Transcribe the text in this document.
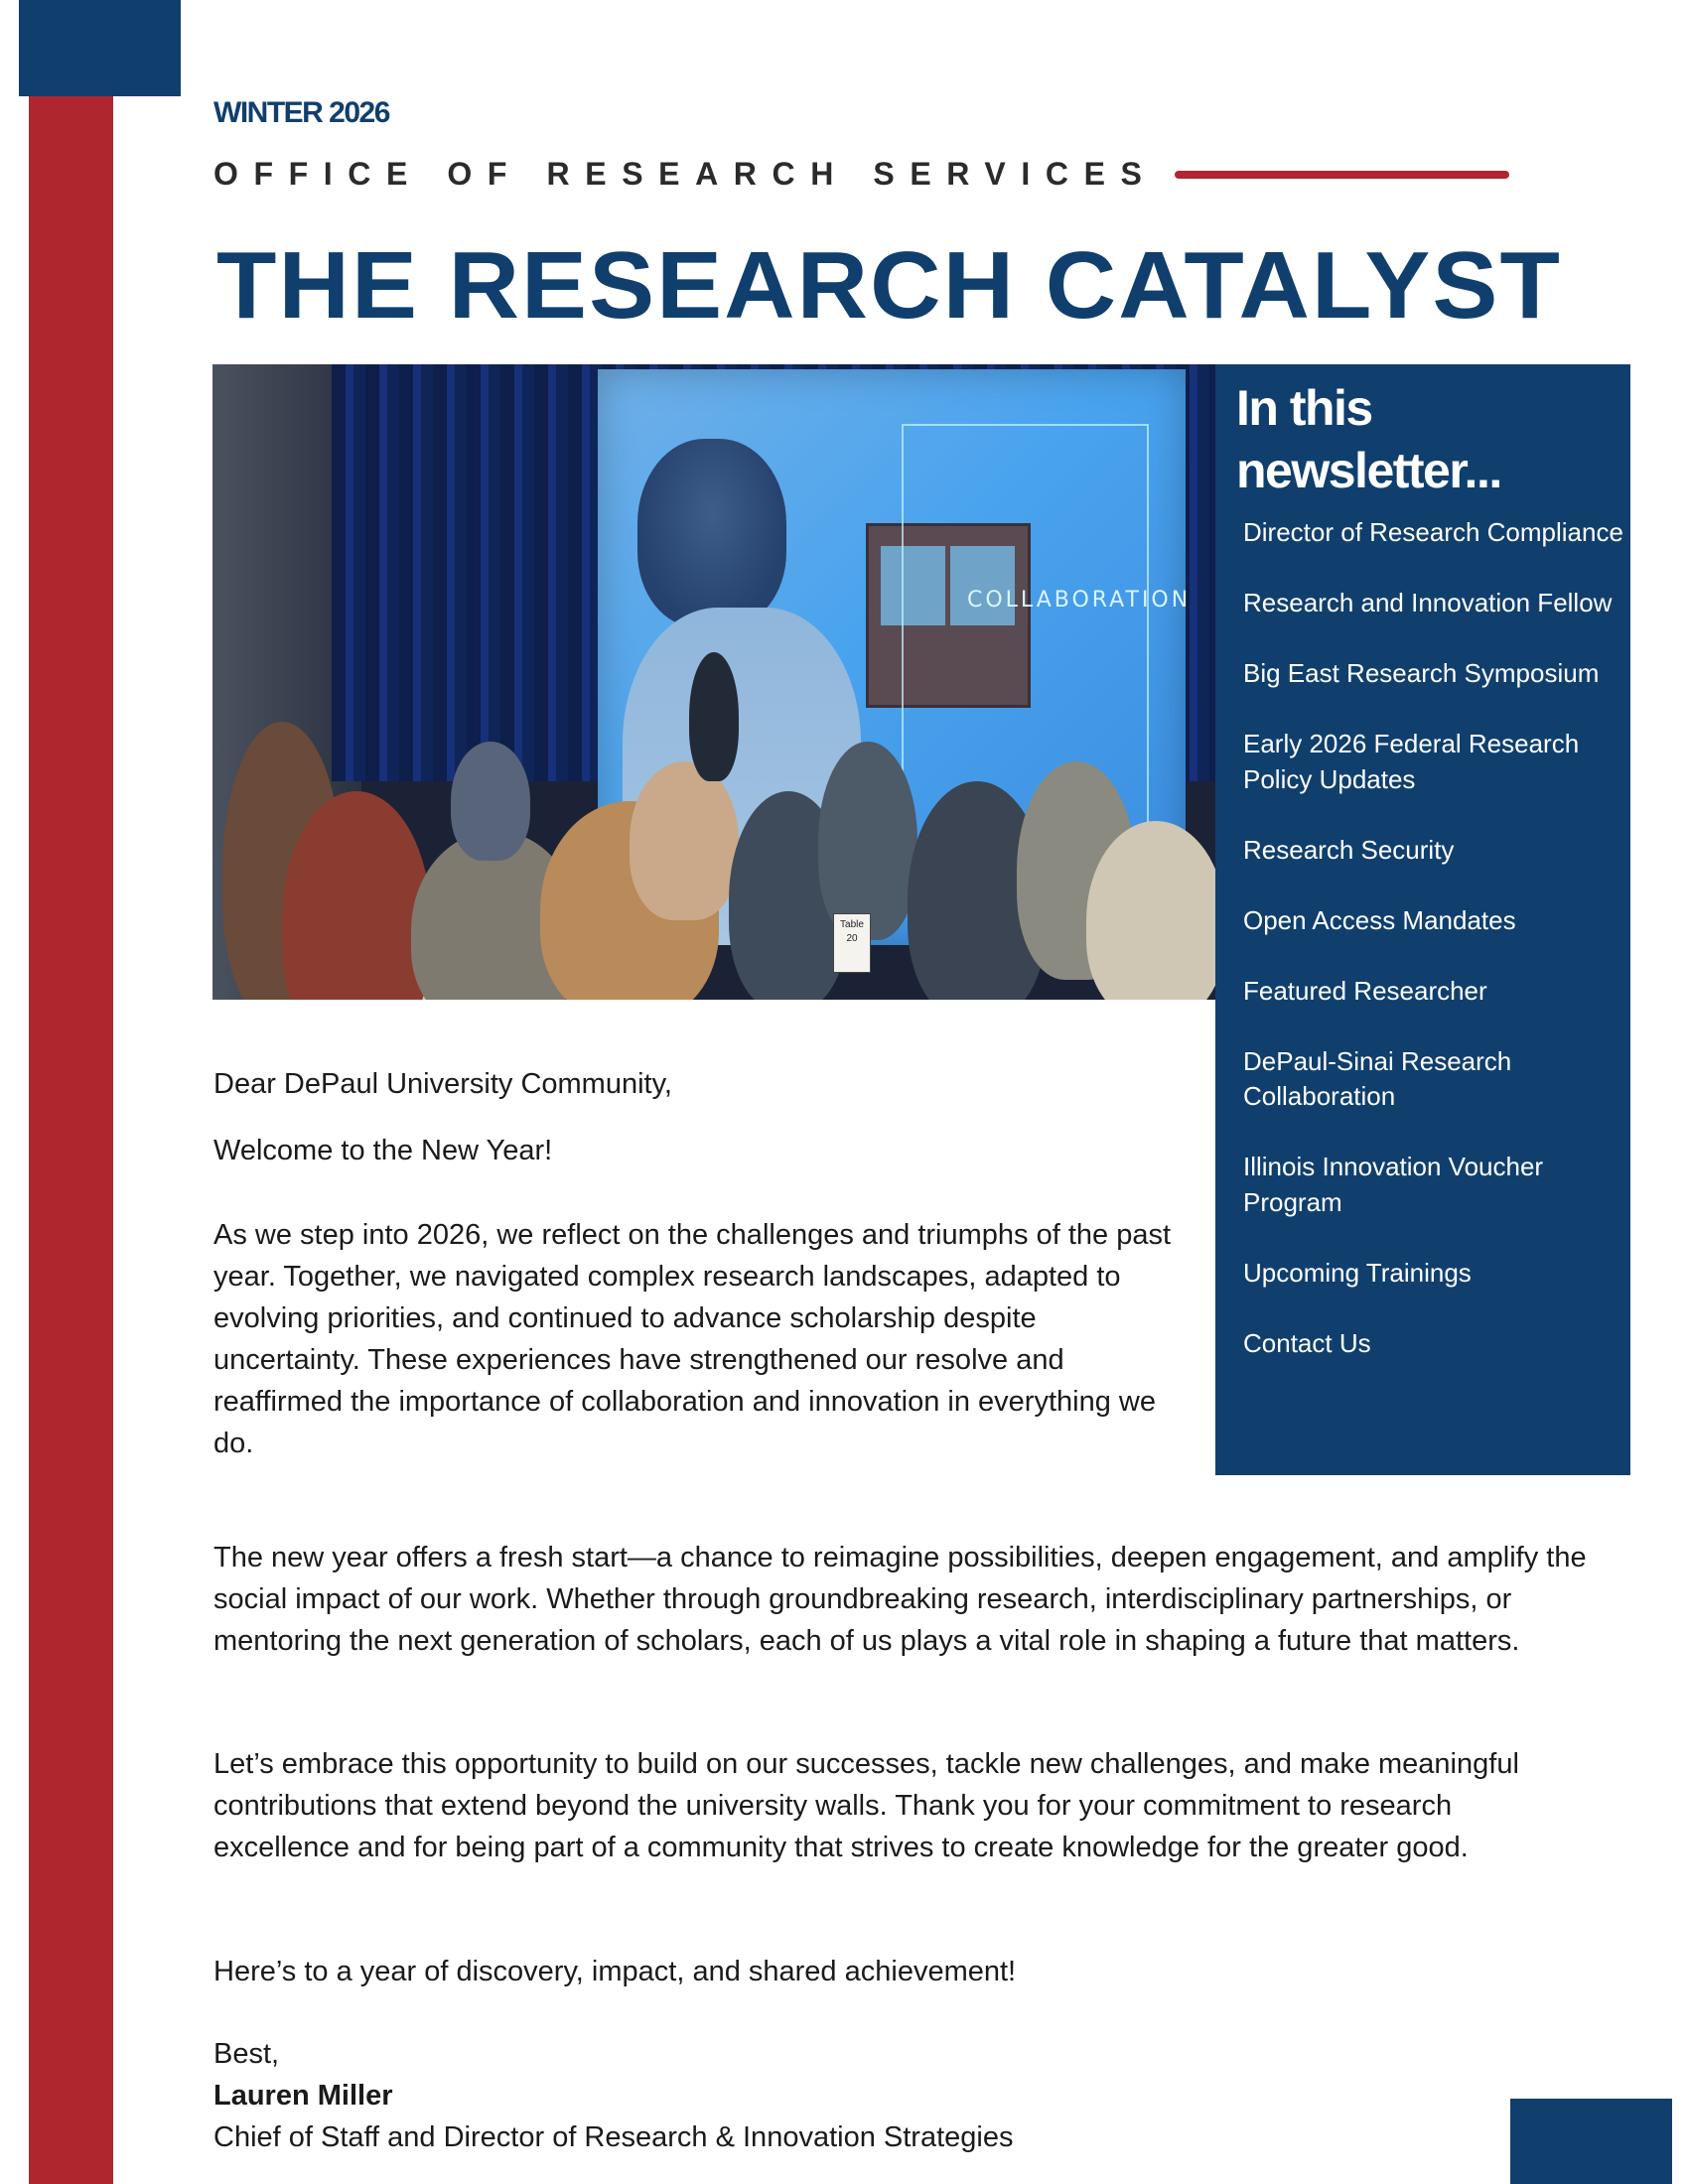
WINTER 2026
OFFICE OF RESEARCH SERVICES
THE RESEARCH CATALYST
COLLABORATION
Table 20
In this newsletter...
Director of Research Compliance
Research and Innovation Fellow
Big East Research Symposium
Early 2026 Federal Research Policy Updates
Research Security
Open Access Mandates
Featured Researcher
DePaul-Sinai Research Collaboration
Illinois Innovation Voucher Program
Upcoming Trainings
Contact Us

Dear DePaul University Community,

Welcome to the New Year!

As we step into 2026, we reflect on the challenges and triumphs of the past year. Together, we navigated complex research landscapes, adapted to evolving priorities, and continued to advance scholarship despite uncertainty. These experiences have strengthened our resolve and reaffirmed the importance of collaboration and innovation in everything we do.

The new year offers a fresh start—a chance to reimagine possibilities, deepen engagement, and amplify the social impact of our work. Whether through groundbreaking research, interdisciplinary partnerships, or mentoring the next generation of scholars, each of us plays a vital role in shaping a future that matters.

Let’s embrace this opportunity to build on our successes, tackle new challenges, and make meaningful contributions that extend beyond the university walls. Thank you for your commitment to research excellence and for being part of a community that strives to create knowledge for the greater good.

Here’s to a year of discovery, impact, and shared achievement!

Best,

Lauren Miller

Chief of Staff and Director of Research & Innovation Strategies
